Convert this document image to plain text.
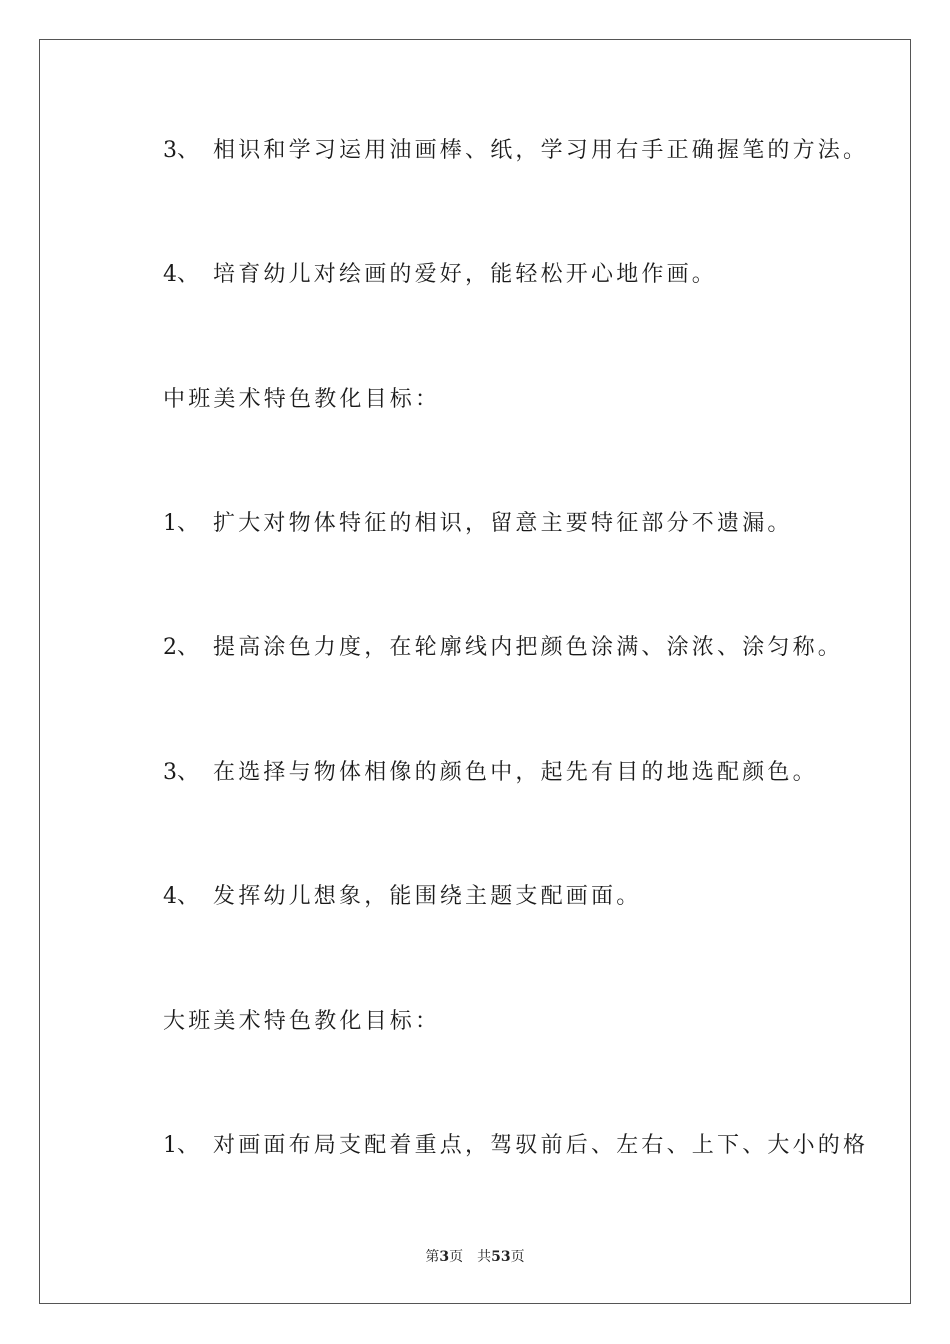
3、 相识和学习运用油画棒、纸，学习用右手正确握笔的方法。
4、 培育幼儿对绘画的爱好，能轻松开心地作画。
中班美术特色教化目标：
1、 扩大对物体特征的相识，留意主要特征部分不遗漏。
2、 提高涂色力度，在轮廓线内把颜色涂满、涂浓、涂匀称。
3、 在选择与物体相像的颜色中，起先有目的地选配颜色。
4、 发挥幼儿想象，能围绕主题支配画面。
大班美术特色教化目标：
1、 对画面布局支配着重点，驾驭前后、左右、上下、大小的格
第3页 共53页
